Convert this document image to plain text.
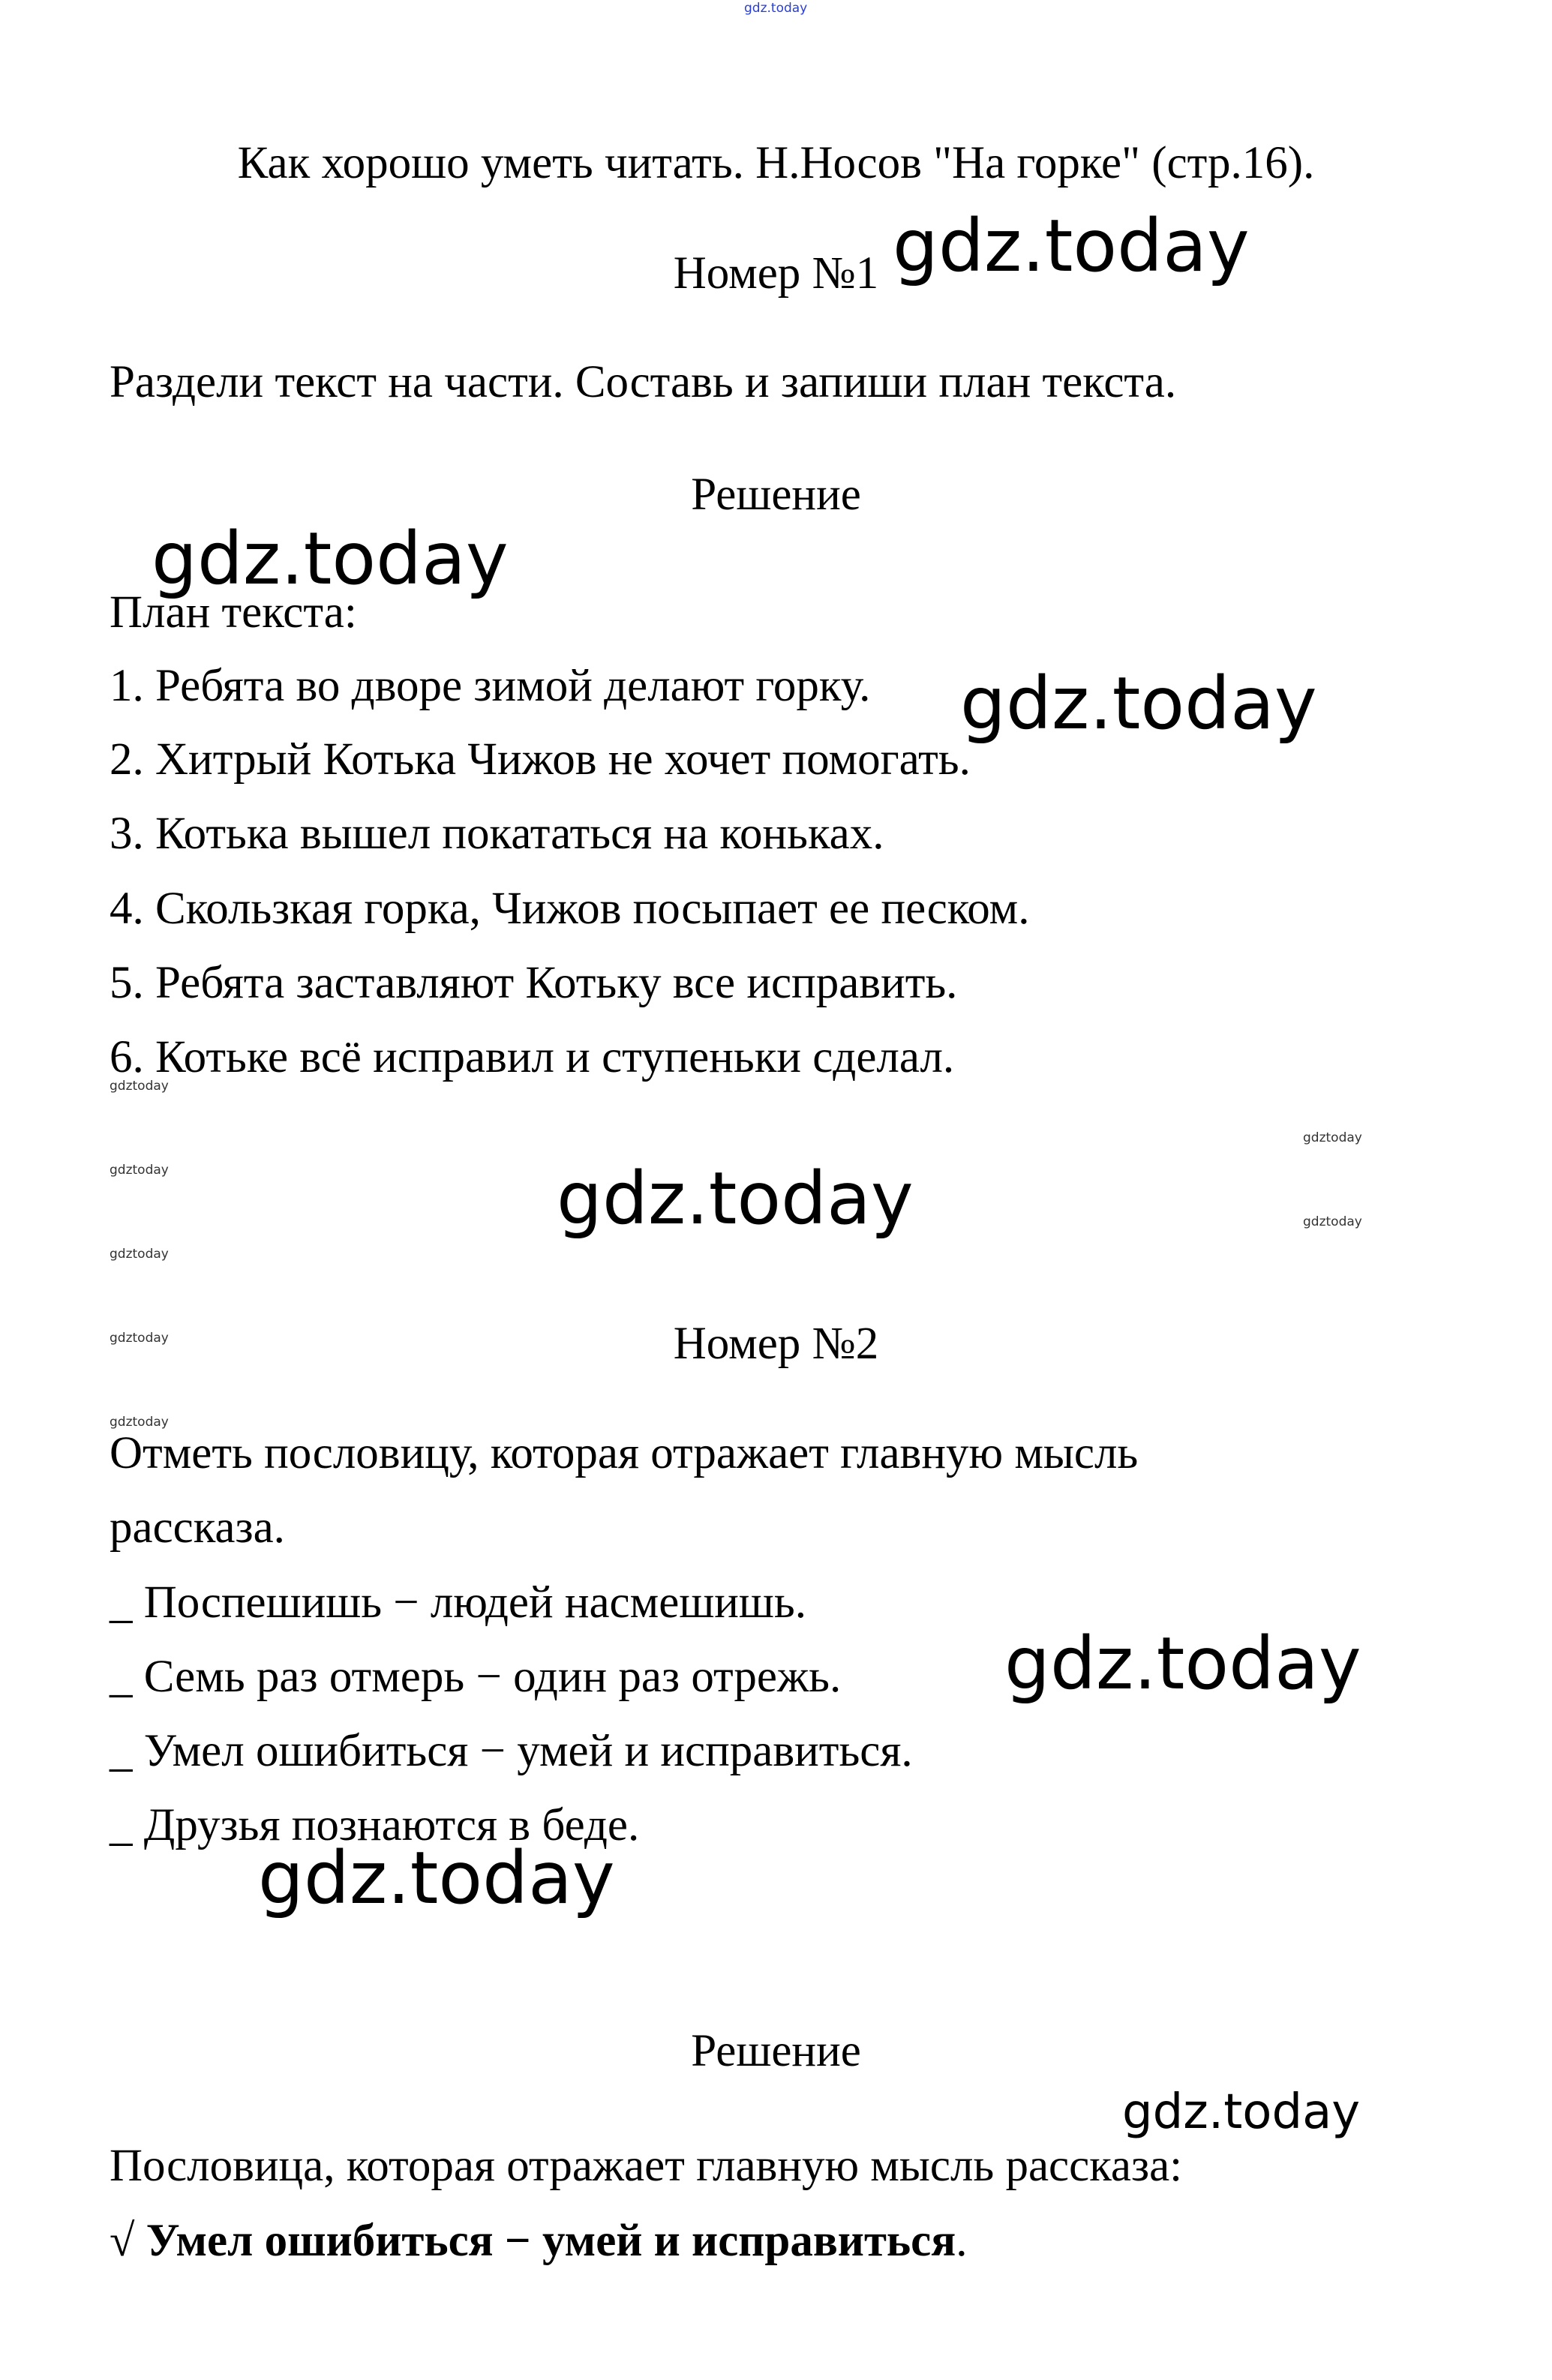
gdz.today

Как хорошо уметь читать. Н.Носов "На горке" (стр.16).

Номер №1

Раздели текст на части. Составь и запиши план текста.

Решение

План текста:

1. Ребята во дворе зимой делают горку.

2. Хитрый Котька Чижов не хочет помогать.

3. Котька вышел покататься на коньках.

4. Скользкая горка, Чижов посыпает ее песком.

5. Ребята заставляют Котьку все исправить.

6. Котьке всё исправил и ступеньки сделал.

Номер №2

Отметь пословицу, которая отражает главную мысль

рассказа.

_ Поспешишь − людей насмешишь.

_ Семь раз отмерь − один раз отрежь.

_ Умел ошибиться − умей и исправиться.

_ Друзья познаются в беде.

Решение

Пословица, которая отражает главную мысль рассказа:

√ Умел ошибиться − умей и исправиться.

gdz.today
gdz.today
gdz.today
gdz.today
gdz.today
gdz.today
gdz.today
gdztoday
gdztoday
gdztoday
gdztoday
gdztoday
gdztoday
gdztoday
